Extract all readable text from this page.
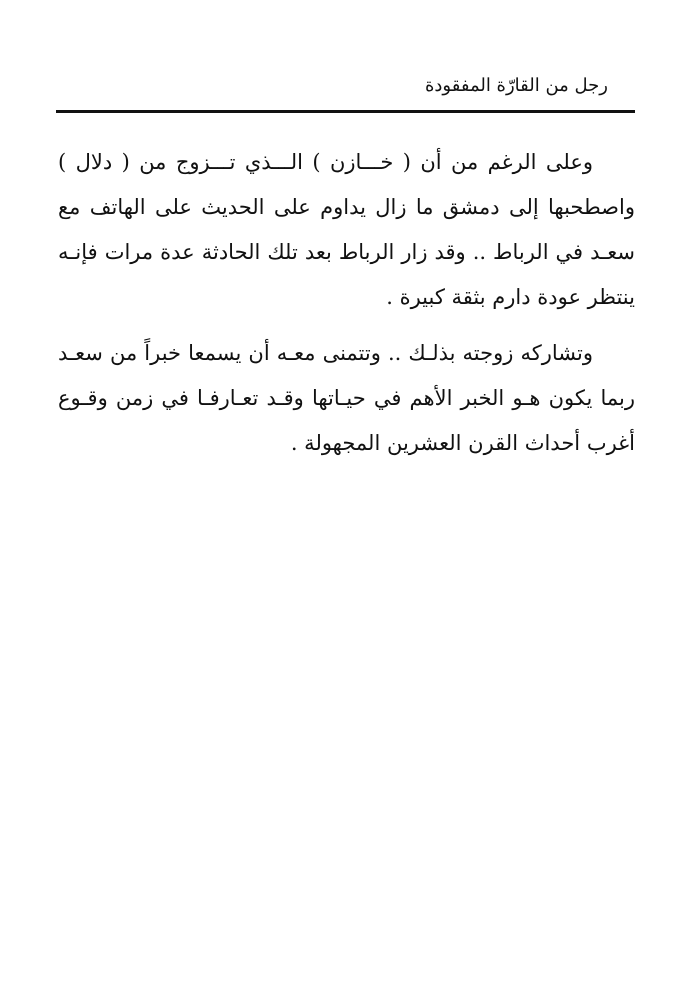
رجل من القارّة المفقودة

وعلى الرغم من أن ( خـــازن ) الـــذي تـــزوج من ( دلال ) واصطحبها إلى دمشق ما زال يداوم على الحديث على الهاتف مع سعـد في الرباط .. وقد زار الرباط بعد تلك الحادثة عدة مرات فإنـه ينتظر عودة دارم بثقة كبيرة .

وتشاركه زوجته بذلـك .. وتتمنى معـه أن يسمعا خبراً من سعـد ربما يكون هـو الخبر الأهم في حيـاتها وقـد تعـارفـا في زمن وقـوع أغرب أحداث القرن العشرين المجهولة .
